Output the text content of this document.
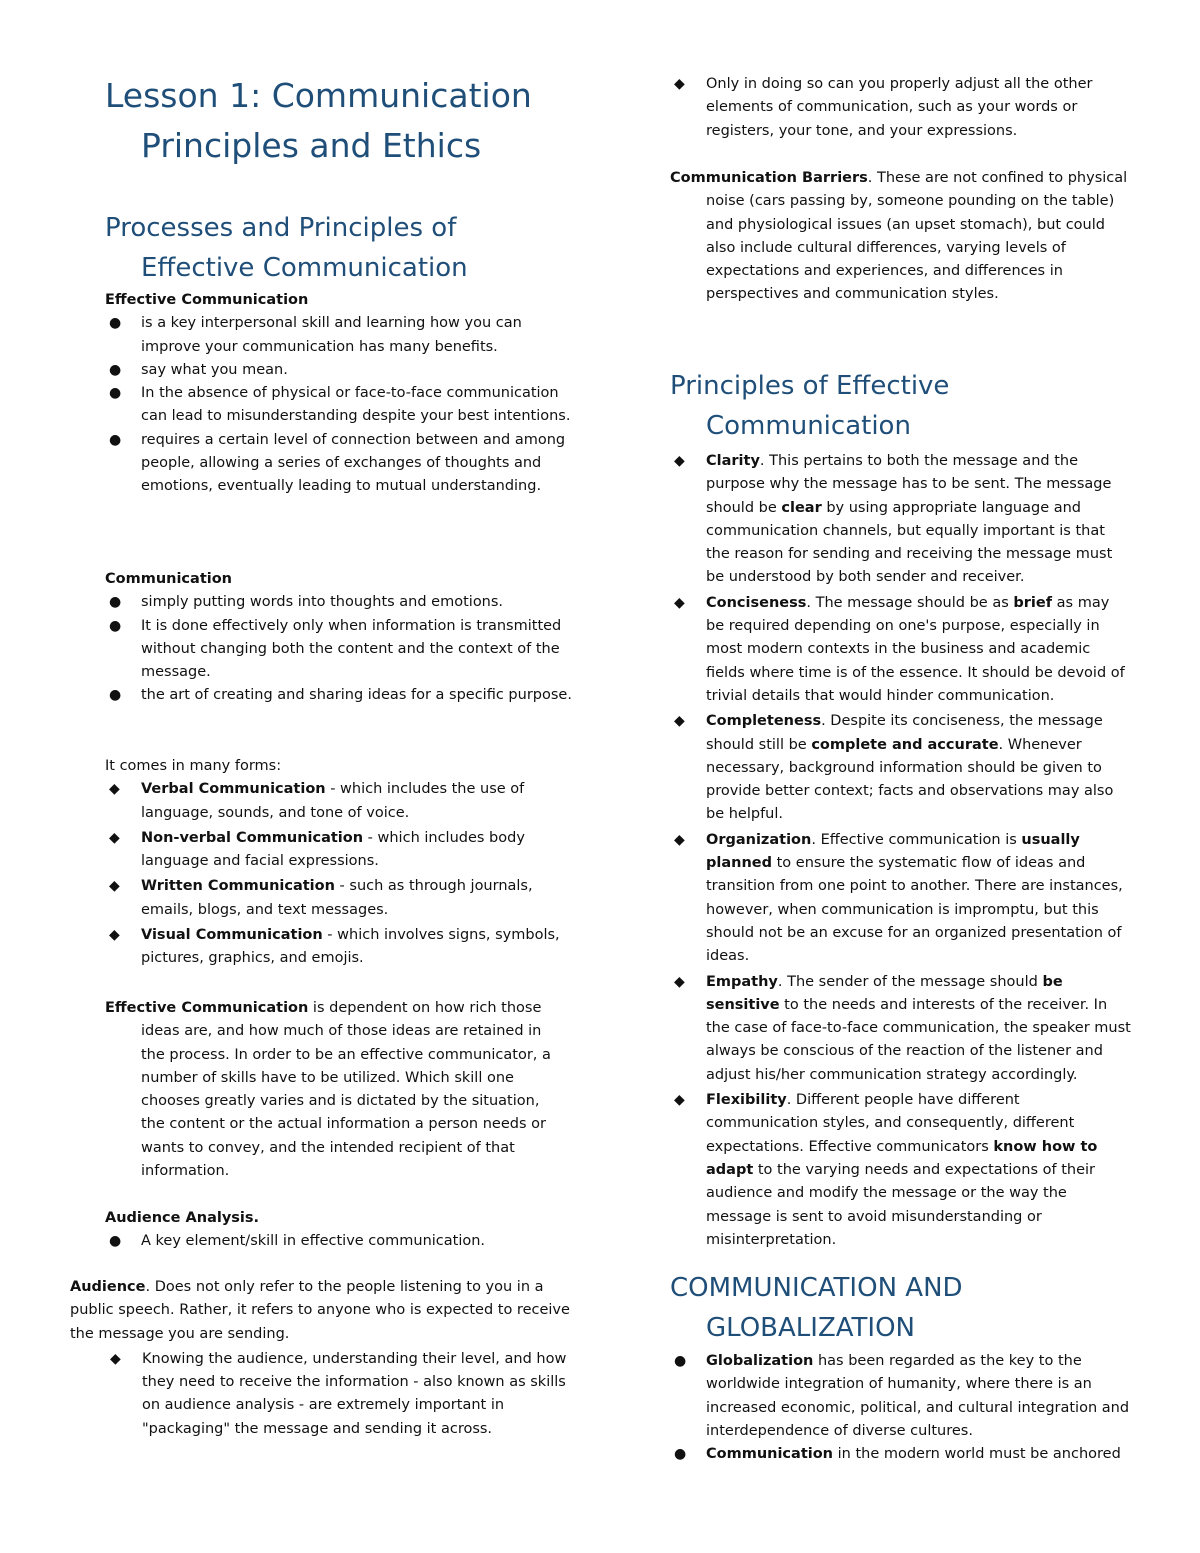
Lesson 1: Communication
Principles and Ethics
Processes and Principles of
Effective Communication

Effective Communication

● is a key interpersonal skill and learning how you can improve your communication has many benefits.
● say what you mean.
● In the absence of physical or face-to-face communication can lead to misunderstanding despite your best intentions.
● requires a certain level of connection between and among people, allowing a series of exchanges of thoughts and emotions, eventually leading to mutual understanding.

Communication

● simply putting words into thoughts and emotions.
● It is done effectively only when information is transmitted without changing both the content and the context of the message.
● the art of creating and sharing ideas for a specific purpose.

It comes in many forms:

◆ Verbal Communication - which includes the use of language, sounds, and tone of voice.
◆ Non-verbal Communication - which includes body language and facial expressions.
◆ Written Communication - such as through journals, emails, blogs, and text messages.
◆ Visual Communication - which involves signs, symbols, pictures, graphics, and emojis.

Effective Communication is dependent on how rich those ideas are, and how much of those ideas are retained in the process. In order to be an effective communicator, a number of skills have to be utilized. Which skill one chooses greatly varies and is dictated by the situation, the content or the actual information a person needs or wants to convey, and the intended recipient of that information.

Audience Analysis.

● A key element/skill in effective communication.

Audience. Does not only refer to the people listening to you in a public speech. Rather, it refers to anyone who is expected to receive the message you are sending.

◆ Knowing the audience, understanding their level, and how they need to receive the information - also known as skills on audience analysis - are extremely important in "packaging" the message and sending it across.
◆ Only in doing so can you properly adjust all the other elements of communication, such as your words or registers, your tone, and your expressions.

Communication Barriers. These are not confined to physical noise (cars passing by, someone pounding on the table) and physiological issues (an upset stomach), but could also include cultural differences, varying levels of expectations and experiences, and differences in perspectives and communication styles.

Principles of Effective
Communication
◆ Clarity. This pertains to both the message and the purpose why the message has to be sent. The message should be clear by using appropriate language and communication channels, but equally important is that the reason for sending and receiving the message must be understood by both sender and receiver.
◆ Conciseness. The message should be as brief as may be required depending on one's purpose, especially in most modern contexts in the business and academic fields where time is of the essence. It should be devoid of trivial details that would hinder communication.
◆ Completeness. Despite its conciseness, the message should still be complete and accurate. Whenever necessary, background information should be given to provide better context; facts and observations may also be helpful.
◆ Organization. Effective communication is usually planned to ensure the systematic flow of ideas and transition from one point to another. There are instances, however, when communication is impromptu, but this should not be an excuse for an organized presentation of ideas.
◆ Empathy. The sender of the message should be sensitive to the needs and interests of the receiver. In the case of face-to-face communication, the speaker must always be conscious of the reaction of the listener and adjust his/her communication strategy accordingly.
◆ Flexibility. Different people have different communication styles, and consequently, different expectations. Effective communicators know how to adapt to the varying needs and expectations of their audience and modify the message or the way the message is sent to avoid misunderstanding or misinterpretation.
COMMUNICATION AND
GLOBALIZATION
● Globalization has been regarded as the key to the worldwide integration of humanity, where there is an increased economic, political, and cultural integration and interdependence of diverse cultures.
● Communication in the modern world must be anchored
